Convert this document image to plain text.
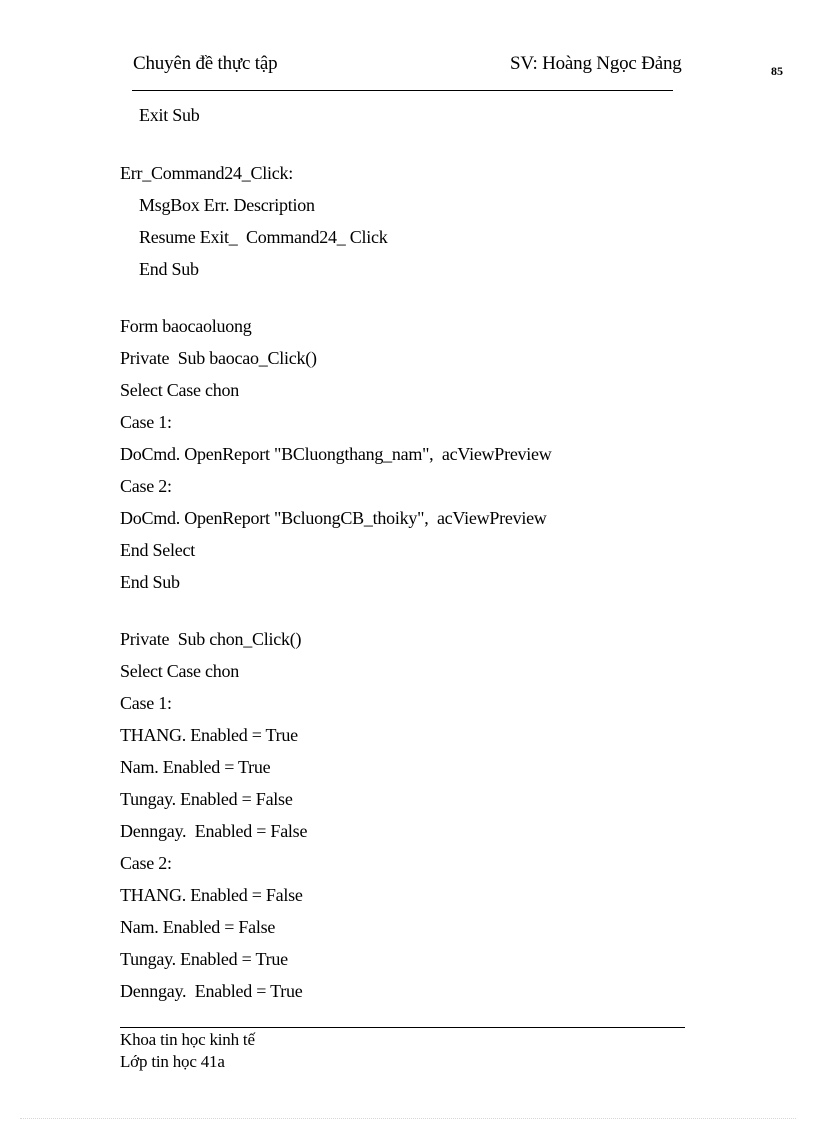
Chuyên đề thực tập	SV: Hoàng Ngọc Đảng	85
Exit Sub
Err_Command24_Click:
MsgBox Err. Description
Resume Exit_  Command24_ Click
End Sub
Form baocaoluong
Private  Sub baocao_Click()
Select Case chon
Case 1:
DoCmd. OpenReport "BCluongthang_nam",  acViewPreview
Case 2:
DoCmd. OpenReport "BcluongCB_thoiky",  acViewPreview
End Select
End Sub
Private  Sub chon_Click()
Select Case chon
Case 1:
THANG. Enabled = True
Nam. Enabled = True
Tungay. Enabled = False
Denngay.  Enabled = False
Case 2:
THANG. Enabled = False
Nam. Enabled = False
Tungay. Enabled = True
Denngay.  Enabled = True
Khoa tin học kinh tế
Lớp tin học 41a
